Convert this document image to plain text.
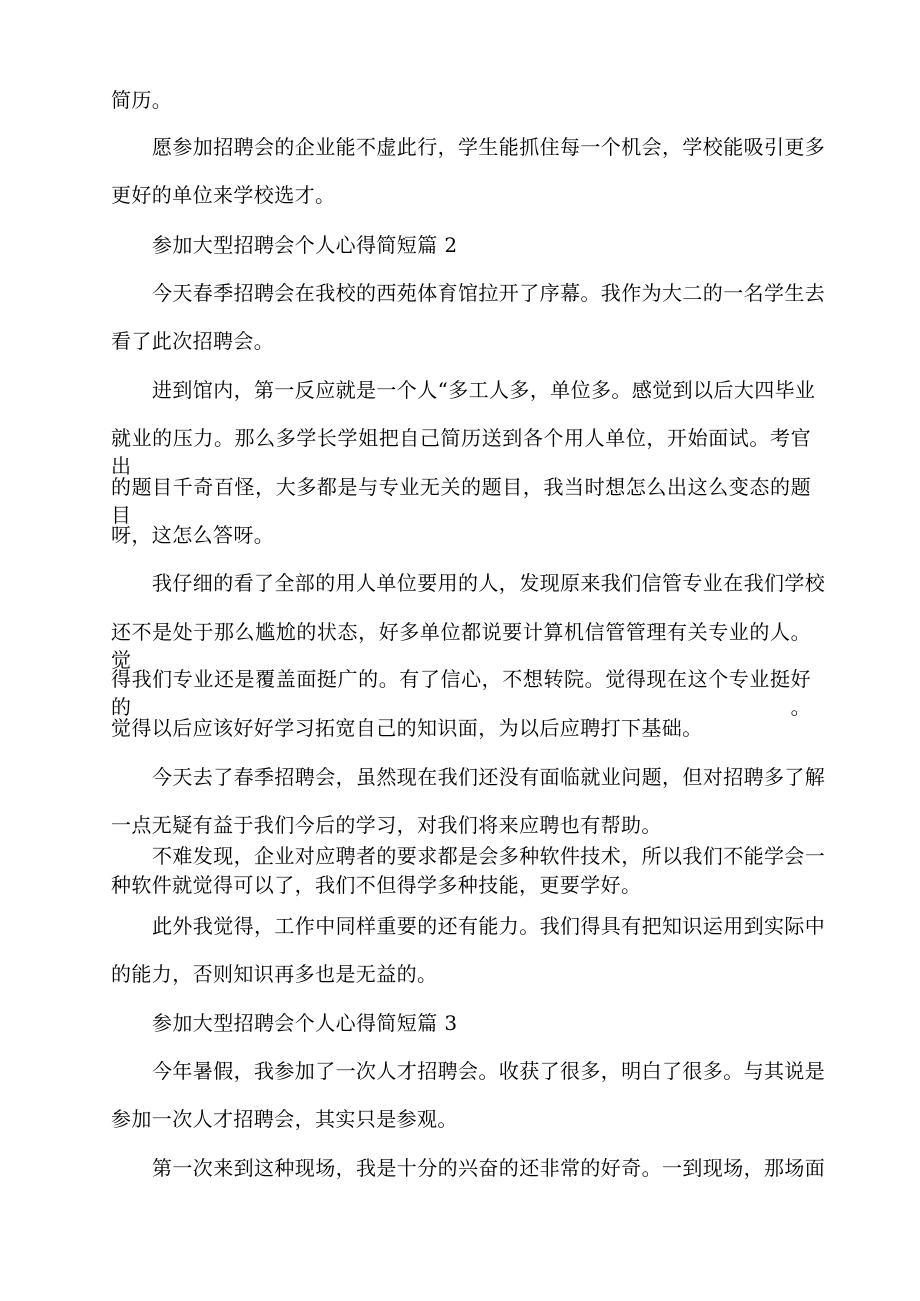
简历。
愿参加招聘会的企业能不虚此行，学生能抓住每一个机会，学校能吸引更多
更好的单位来学校选才。
参加大型招聘会个人心得简短篇 2
今天春季招聘会在我校的西苑体育馆拉开了序幕。我作为大二的一名学生去
看了此次招聘会。
进到馆内，第一反应就是一个人“多工人多，单位多。感觉到以后大四毕业
就业的压力。那么多学长学姐把自己简历送到各个用人单位，开始面试。考官出
的题目千奇百怪，大多都是与专业无关的题目，我当时想怎么出这么变态的题目
呀，这怎么答呀。
我仔细的看了全部的用人单位要用的人，发现原来我们信管专业在我们学校
还不是处于那么尴尬的状态，好多单位都说要计算机信管管理有关专业的人。觉
得我们专业还是覆盖面挺广的。有了信心，不想转院。觉得现在这个专业挺好的。
觉得以后应该好好学习拓宽自己的知识面，为以后应聘打下基础。
今天去了春季招聘会，虽然现在我们还没有面临就业问题，但对招聘多了解
一点无疑有益于我们今后的学习，对我们将来应聘也有帮助。
不难发现，企业对应聘者的要求都是会多种软件技术，所以我们不能学会一
种软件就觉得可以了，我们不但得学多种技能，更要学好。
此外我觉得，工作中同样重要的还有能力。我们得具有把知识运用到实际中
的能力，否则知识再多也是无益的。
参加大型招聘会个人心得简短篇 3
今年暑假，我参加了一次人才招聘会。收获了很多，明白了很多。与其说是
参加一次人才招聘会，其实只是参观。
第一次来到这种现场，我是十分的兴奋的还非常的好奇。一到现场，那场面
